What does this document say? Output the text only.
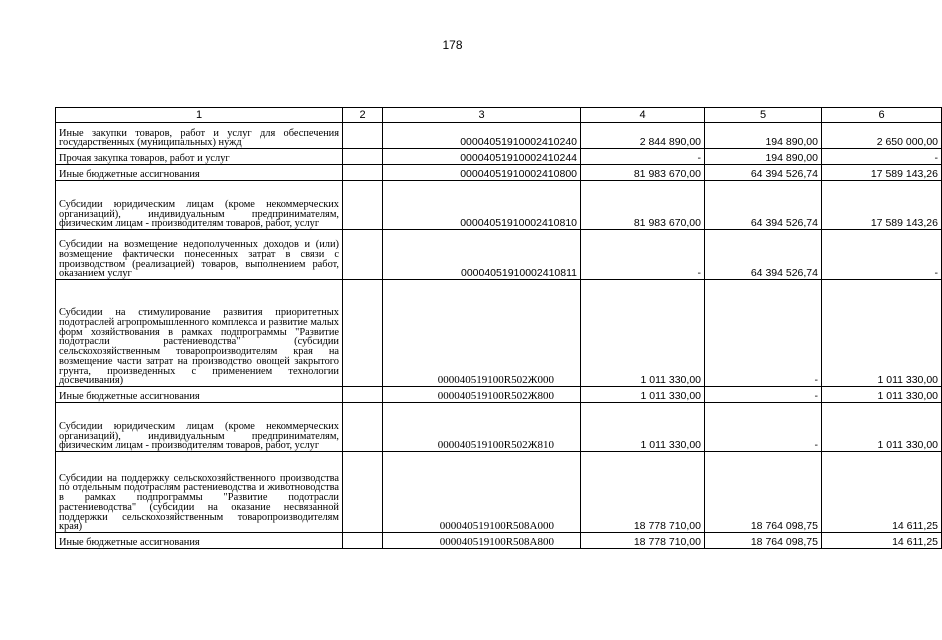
178
1	2	3	4	5	6
Иные закупки товаров, работ и услуг для обеспечения государственных (муниципальных) нужд		00004051910002410240	2 844 890,00	194 890,00	2 650 000,00
Прочая закупка товаров, работ и услуг		00004051910002410244	-	194 890,00	-
Иные бюджетные ассигнования		00004051910002410800	81 983 670,00	64 394 526,74	17 589 143,26
Субсидии юридическим лицам (кроме некоммерческих организаций), индивидуальным предпринимателям, физическим лицам - производителям товаров, работ, услуг		00004051910002410810	81 983 670,00	64 394 526,74	17 589 143,26
Субсидии на возмещение недополученных доходов и (или) возмещение фактически понесенных затрат в связи с производством (реализацией) товаров, выполнением работ, оказанием услуг		00004051910002410811	-	64 394 526,74	-
Субсидии на стимулирование развития приоритетных подотраслей агропромышленного комплекса и развитие малых форм хозяйствования в рамках подпрограммы "Развитие подотрасли растениеводства" (субсидии сельскохозяйственным товаропроизводителям края на возмещение части затрат на производство овощей закрытого грунта, произведенных с применением технологии досвечивания)		000040519100R502Ж000	1 011 330,00	-	1 011 330,00
Иные бюджетные ассигнования		000040519100R502Ж800	1 011 330,00	-	1 011 330,00
Субсидии юридическим лицам (кроме некоммерческих организаций), индивидуальным предпринимателям, физическим лицам - производителям товаров, работ, услуг		000040519100R502Ж810	1 011 330,00	-	1 011 330,00
Субсидии на поддержку сельскохозяйственного производства по отдельным подотраслям растениеводства и животноводства в рамках подпрограммы "Развитие подотрасли растениеводства" (субсидии на оказание несвязанной поддержки сельскохозяйственным товаропроизводителям края)		000040519100R508A000	18 778 710,00	18 764 098,75	14 611,25
Иные бюджетные ассигнования		000040519100R508A800	18 778 710,00	18 764 098,75	14 611,25
